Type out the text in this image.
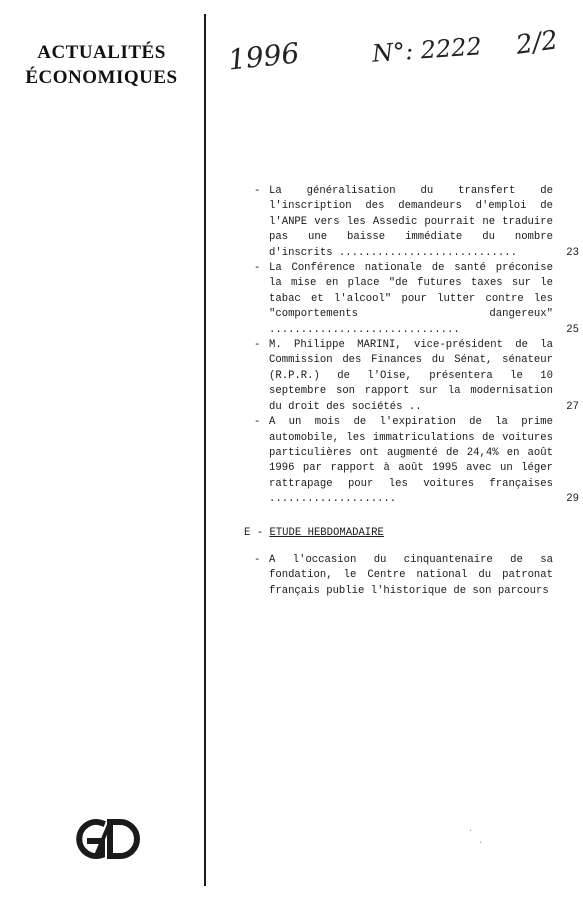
ACTUALITÉS
ÉCONOMIQUES
1996	N°: 2222 2/2
- La généralisation du transfert de l'inscription des demandeurs d'emploi de l'ANPE vers les Assedic pourrait ne traduire pas une baisse immédiate du nombre d'inscrits ............................	23
- La Conférence nationale de santé préconise la mise en place "de futures taxes sur le tabac et l'alcool" pour lutter contre les "comportements dangereux" ..............................	25
- M. Philippe MARINI, vice-président de la Commission des Finances du Sénat, sénateur (R.P.R.) de l'Oise, présentera le 10 septembre son rapport sur la modernisation du droit des sociétés ..	27
- A un mois de l'expiration de la prime automobile, les immatriculations de voitures particulières ont augmenté de 24,4% en août 1996 par rapport à août 1995 avec un léger rattrapage pour les voitures françaises ....................	29
E - ETUDE HEBDOMADAIRE
- A l'occasion du cinquantenaire de sa fondation, le Centre national du patronat français publie l'historique de son parcours
·
·
